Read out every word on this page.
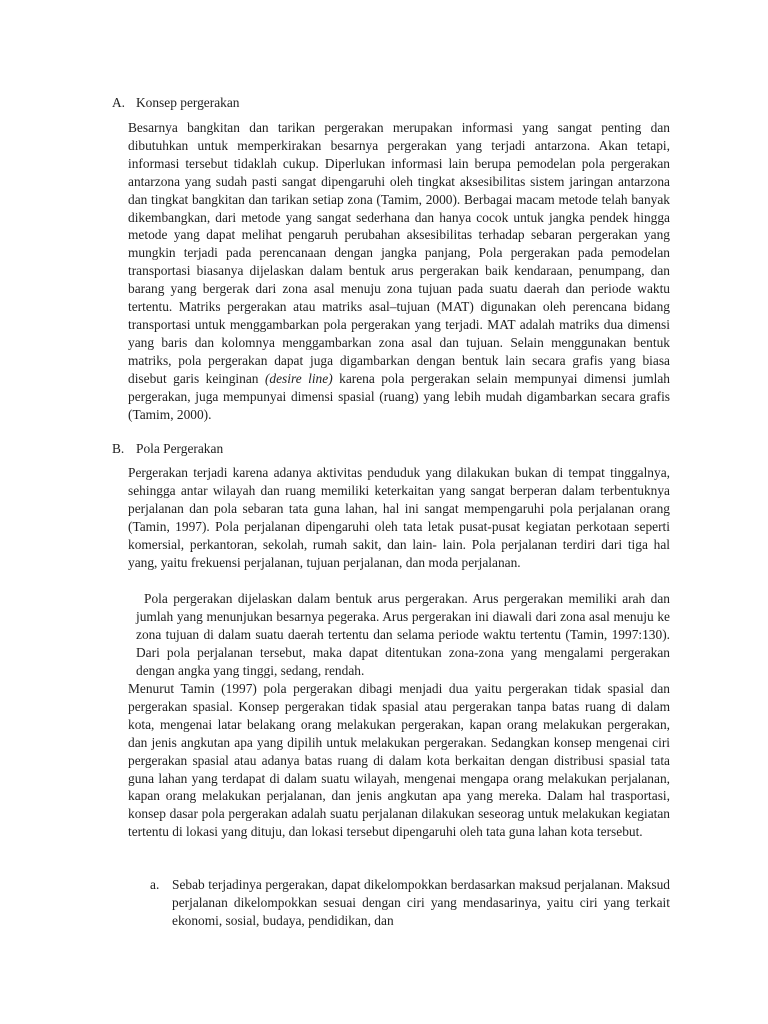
A. Konsep pergerakan

Besarnya bangkitan dan tarikan pergerakan merupakan informasi yang sangat penting dan dibutuhkan untuk memperkirakan besarnya pergerakan yang terjadi antarzona. Akan tetapi, informasi tersebut tidaklah cukup. Diperlukan informasi lain berupa pemodelan pola pergerakan antarzona yang sudah pasti sangat dipengaruhi oleh tingkat aksesibilitas sistem jaringan antarzona dan tingkat bangkitan dan tarikan setiap zona (Tamim, 2000). Berbagai macam metode telah banyak dikembangkan, dari metode yang sangat sederhana dan hanya cocok untuk jangka pendek hingga metode yang dapat melihat pengaruh perubahan aksesibilitas terhadap sebaran pergerakan yang mungkin terjadi pada perencanaan dengan jangka panjang, Pola pergerakan pada pemodelan transportasi biasanya dijelaskan dalam bentuk arus pergerakan baik kendaraan, penumpang, dan barang yang bergerak dari zona asal menuju zona tujuan pada suatu daerah dan periode waktu tertentu. Matriks pergerakan atau matriks asal–tujuan (MAT) digunakan oleh perencana bidang transportasi untuk menggambarkan pola pergerakan yang terjadi. MAT adalah matriks dua dimensi yang baris dan kolomnya menggambarkan zona asal dan tujuan. Selain menggunakan bentuk matriks, pola pergerakan dapat juga digambarkan dengan bentuk lain secara grafis yang biasa disebut garis keinginan (desire line) karena pola pergerakan selain mempunyai dimensi jumlah pergerakan, juga mempunyai dimensi spasial (ruang) yang lebih mudah digambarkan secara grafis (Tamim, 2000).

B. Pola Pergerakan

Pergerakan terjadi karena adanya aktivitas penduduk yang dilakukan bukan di tempat tinggalnya, sehingga antar wilayah dan ruang memiliki keterkaitan yang sangat berperan dalam terbentuknya perjalanan dan pola sebaran tata guna lahan, hal ini sangat mempengaruhi pola perjalanan orang (Tamin, 1997). Pola perjalanan dipengaruhi oleh tata letak pusat-pusat kegiatan perkotaan seperti komersial, perkantoran, sekolah, rumah sakit, dan lain- lain. Pola perjalanan terdiri dari tiga hal yang, yaitu frekuensi perjalanan, tujuan perjalanan, dan moda perjalanan.

Pola pergerakan dijelaskan dalam bentuk arus pergerakan. Arus pergerakan memiliki arah dan jumlah yang menunjukan besarnya pegeraka. Arus pergerakan ini diawali dari zona asal menuju ke zona tujuan di dalam suatu daerah tertentu dan selama periode waktu tertentu (Tamin, 1997:130). Dari pola perjalanan tersebut, maka dapat ditentukan zona-zona yang mengalami pergerakan dengan angka yang tinggi, sedang, rendah.

Menurut Tamin (1997) pola pergerakan dibagi menjadi dua yaitu pergerakan tidak spasial dan pergerakan spasial. Konsep pergerakan tidak spasial atau pergerakan tanpa batas ruang di dalam kota, mengenai latar belakang orang melakukan pergerakan, kapan orang melakukan pergerakan, dan jenis angkutan apa yang dipilih untuk melakukan pergerakan. Sedangkan konsep mengenai ciri pergerakan spasial atau adanya batas ruang di dalam kota berkaitan dengan distribusi spasial tata guna lahan yang terdapat di dalam suatu wilayah, mengenai mengapa orang melakukan perjalanan, kapan orang melakukan perjalanan, dan jenis angkutan apa yang mereka. Dalam hal trasportasi, konsep dasar pola pergerakan adalah suatu perjalanan dilakukan seseorag untuk melakukan kegiatan tertentu di lokasi yang dituju, dan lokasi tersebut dipengaruhi oleh tata guna lahan kota tersebut.

a. Sebab terjadinya pergerakan, dapat dikelompokkan berdasarkan maksud perjalanan. Maksud perjalanan dikelompokkan sesuai dengan ciri yang mendasarinya, yaitu ciri yang terkait ekonomi, sosial, budaya, pendidikan, dan
